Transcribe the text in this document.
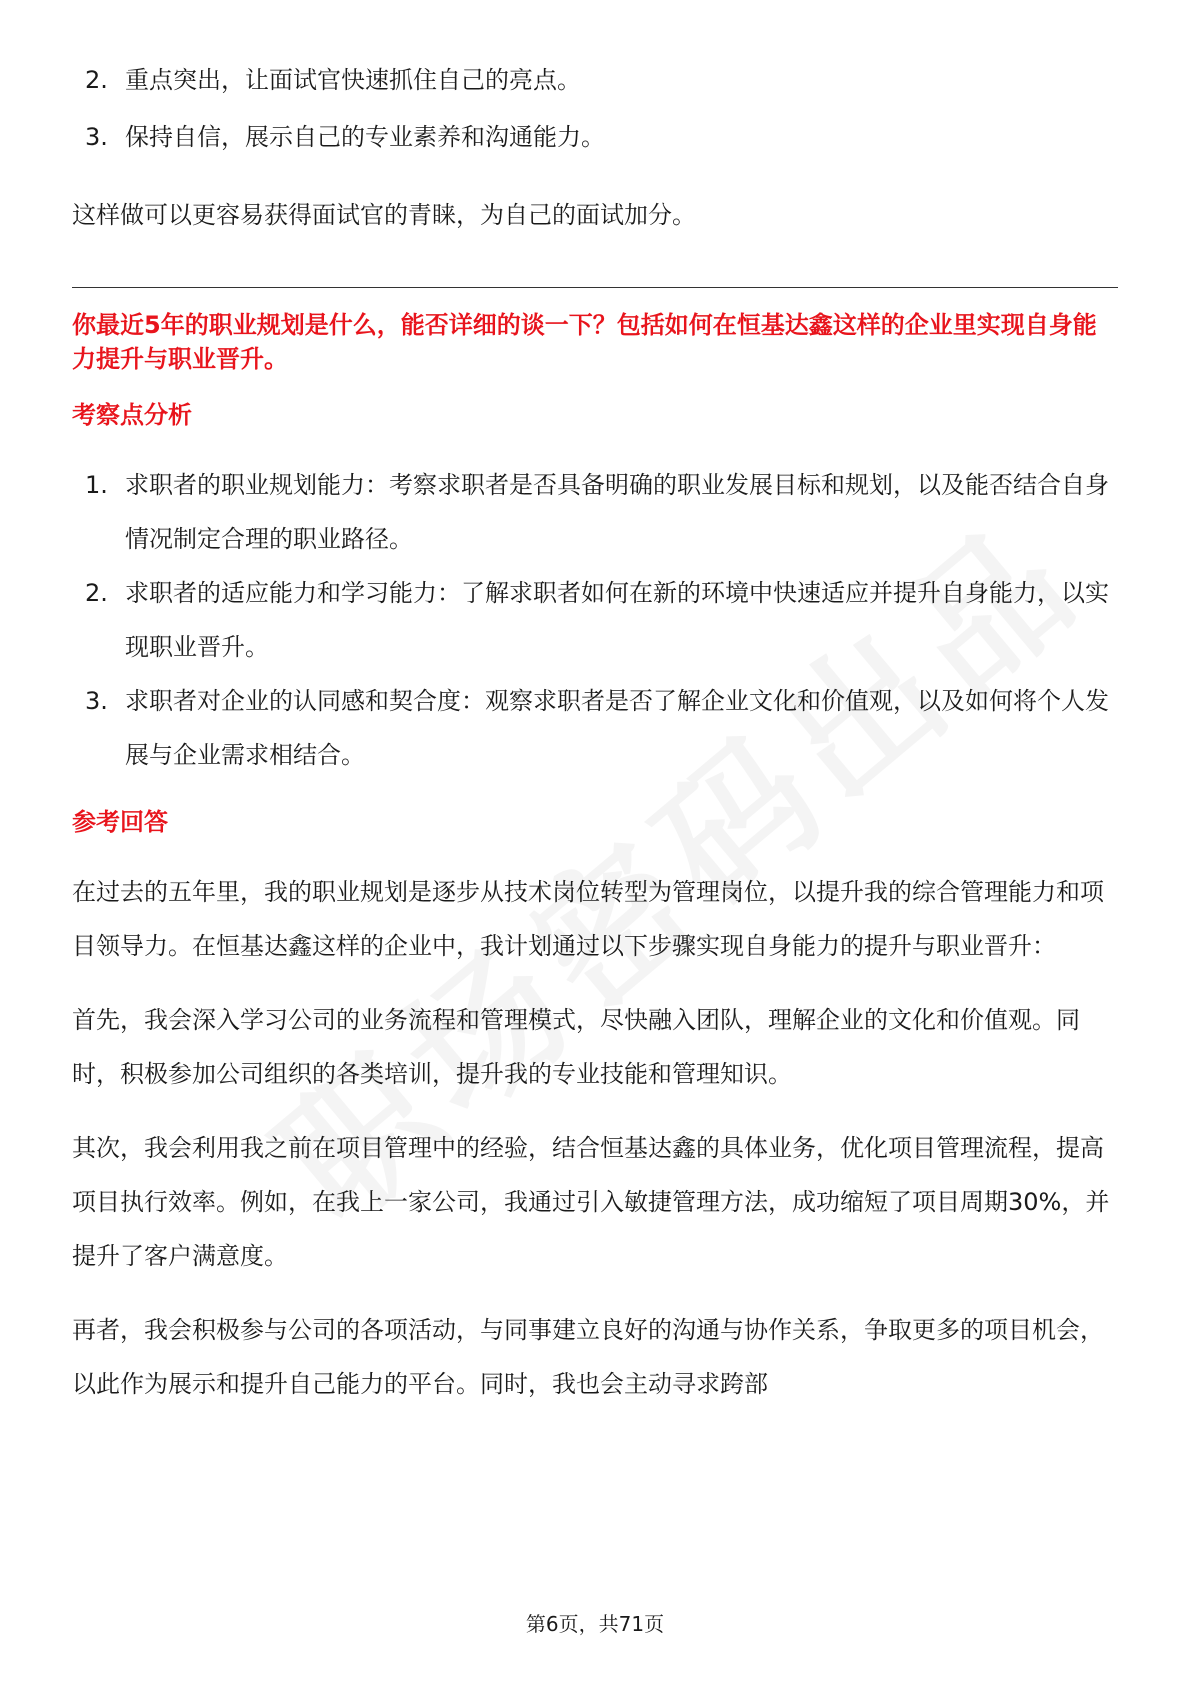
2. 重点突出，让面试官快速抓住自己的亮点。
3. 保持自信，展示自己的专业素养和沟通能力。

这样做可以更容易获得面试官的青睐，为自己的面试加分。

你最近5年的职业规划是什么，能否详细的谈一下？包括如何在恒基达鑫这样的企业里实现自身能力提升与职业晋升。
考察点分析
1. 求职者的职业规划能力：考察求职者是否具备明确的职业发展目标和规划，以及能否结合自身情况制定合理的职业路径。
2. 求职者的适应能力和学习能力：了解求职者如何在新的环境中快速适应并提升自身能力，以实现职业晋升。
3. 求职者对企业的认同感和契合度：观察求职者是否了解企业文化和价值观，以及如何将个人发展与企业需求相结合。
参考回答

在过去的五年里，我的职业规划是逐步从技术岗位转型为管理岗位，以提升我的综合管理能力和项目领导力。在恒基达鑫这样的企业中，我计划通过以下步骤实现自身能力的提升与职业晋升：

首先，我会深入学习公司的业务流程和管理模式，尽快融入团队，理解企业的文化和价值观。同时，积极参加公司组织的各类培训，提升我的专业技能和管理知识。

其次，我会利用我之前在项目管理中的经验，结合恒基达鑫的具体业务，优化项目管理流程，提高项目执行效率。例如，在我上一家公司，我通过引入敏捷管理方法，成功缩短了项目周期30%，并提升了客户满意度。

再者，我会积极参与公司的各项活动，与同事建立良好的沟通与协作关系，争取更多的项目机会，以此作为展示和提升自己能力的平台。同时，我也会主动寻求跨部

第6页，共71页
